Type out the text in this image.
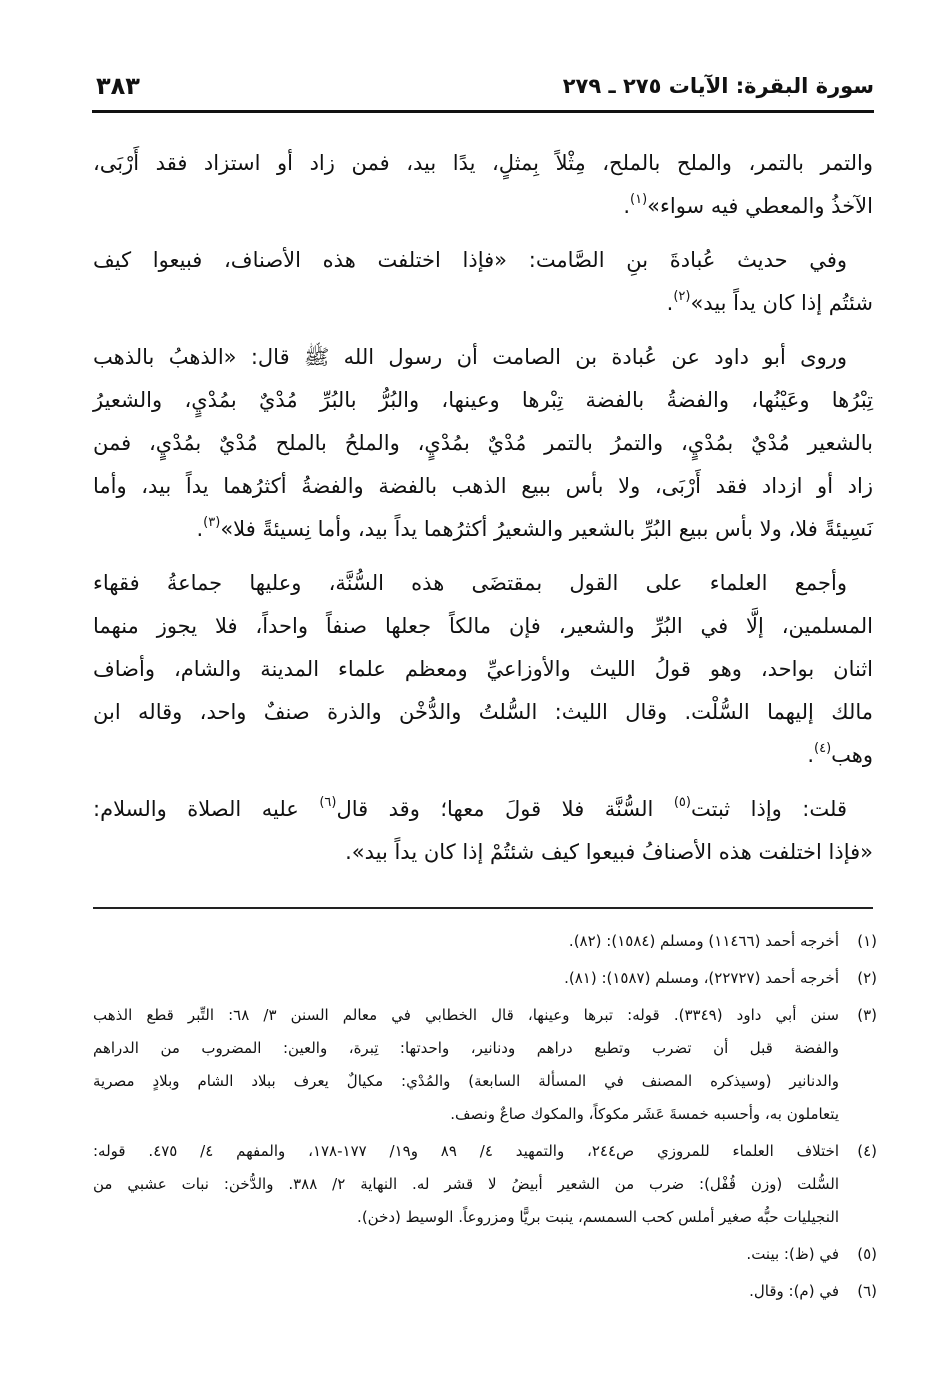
سورة البقرة: الآيات ٢٧٥ ـ ٢٧٩
٣٨٣
والتمر بالتمر، والملح بالملح، مِثْلاً بِمثلٍ، يدًا بيد، فمن زاد أو استزاد فقد أَرْبَى،
الآخذُ والمعطي فيه سواء»$^{(١)}$.
وفي حديث عُبادةَ بنِ الصَّامت: «فإذا اختلفت هذه الأصناف، فبيعوا كيف
شئتُم إذا كان يداً بيد»$^{(٢)}$.
وروى أبو داود عن عُبادة بن الصامت أن رسول الله ﷺ قال: «الذهبُ بالذهب
تِبْرُها وعَيْنُها، والفضةُ بالفضة تِبْرها وعينها، والبُرُّ بالبُرِّ مُدْيٌ بمُدْيٍ، والشعيرُ
بالشعير مُدْيٌ بمُدْيٍ، والتمرُ بالتمر مُدْيٌ بمُدْيٍ، والملحُ بالملح مُدْيٌ بمُدْيٍ، فمن
زاد أو ازداد فقد أَرْبَى، ولا بأس ببيع الذهب بالفضة والفضةُ أكثرُهما يداً بيد، وأما
نَسِيئةً فلا، ولا بأس ببيع البُرِّ بالشعير والشعيرُ أكثرُهما يداً بيد، وأما نِسيئةً فلا»$^{(٣)}$.
وأجمع العلماء على القول بمقتضَى هذه السُّنَّة، وعليها جماعةُ فقهاء
المسلمين، إلَّا في البُرِّ والشعير، فإن مالكاً جعلها صنفاً واحداً، فلا يجوز منهما
اثنان بواحد، وهو قولُ الليث والأوزاعيِّ ومعظم علماء المدينة والشام، وأضاف
مالك إليهما السُّلْت. وقال الليث: السُّلتُ والدُّخْن والذرة صنفٌ واحد، وقاله ابن
وهب$^{(٤)}$.
قلت: وإذا ثبتت$^{(٥)}$ السُّنَّة فلا قولَ معها؛ وقد قال$^{(٦)}$ عليه الصلاة والسلام:
«فإذا اختلفت هذه الأصنافُ فبيعوا كيف شئتُمْ إذا كان يداً بيد».
(١)
أخرجه أحمد (١١٤٦٦) ومسلم (١٥٨٤): (٨٢).
(٢)
أخرجه أحمد (٢٢٧٢٧)، ومسلم (١٥٨٧): (٨١).
(٣)
سنن أبي داود (٣٣٤٩). قوله: تبرها وعينها، قال الخطابي في معالم السنن ٣/ ٦٨: التِّبر قطع الذهب
والفضة قبل أن تضرب وتطبع دراهم ودنانير، واحدتها: تِبرة، والعين: المضروب من الدراهم
والدنانير (وسيذكره المصنف في المسألة السابعة) والمُدْي: مكيالٌ يعرف ببلاد الشام وبلادٍ مصرية
يتعاملون به، وأحسبه خمسةَ عَشَر مكوكاً، والمكوك صاعٌ ونصف.
(٤)
اختلاف العلماء للمروزي ص٢٤٤، والتمهيد ٤/ ٨٩ و١٩/ ١٧٧-١٧٨، والمفهم ٤/ ٤٧٥. قوله:
السُّلت (وزن قُفْل): ضرب من الشعير أبيضُ لا قشر له. النهاية ٢/ ٣٨٨. والدُّخن: نبات عشبي من
النجيليات حبُّه صغير أملس كحب السمسم، ينبت بريًّا ومزروعاً. الوسيط (دخن).
(٥)
في (ظ): بينت.
(٦)
في (م): وقال.
